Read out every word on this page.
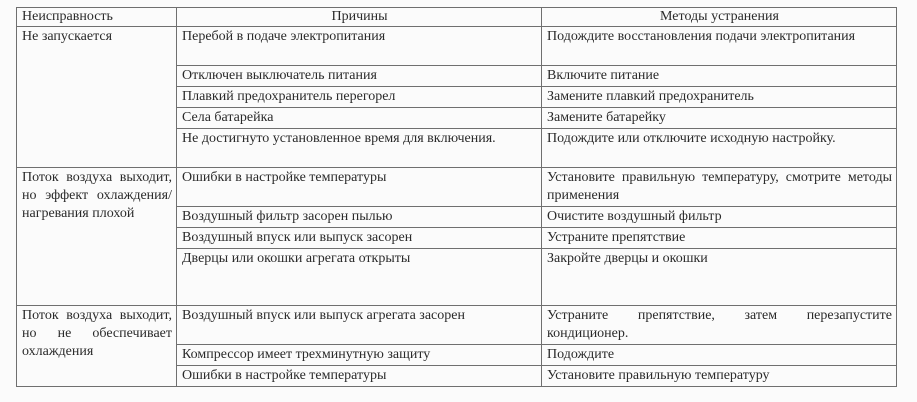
Неисправность	Причины	Методы устранения
Не запускается	Перебой в подаче электропитания	Подождите восстановления подачи электропитания
	Отключен выключатель питания	Включите питание
	Плавкий предохранитель перегорел	Замените плавкий предохранитель
	Села батарейка	Замените батарейку
	Не достигнуто установленное время для включения.	Подождите или отключите исходную настройку.
Поток воздуха выходит, но эффект охлаждения/ нагревания плохой	Ошибки в настройке температуры	Установите правильную температуру, смотрите методы применения
	Воздушный фильтр засорен пылью	Очистите воздушный фильтр
	Воздушный впуск или выпуск засорен	Устраните препятствие
	Дверцы или окошки агрегата открыты	Закройте дверцы и окошки
Поток воздуха выходит, но не обеспечивает охлаждения	Воздушный впуск или выпуск агрегата засорен	Устраните препятствие, затем перезапустите кондиционер.
	Компрессор имеет трехминутную защиту	Подождите
	Ошибки в настройке температуры	Установите правильную температуру
